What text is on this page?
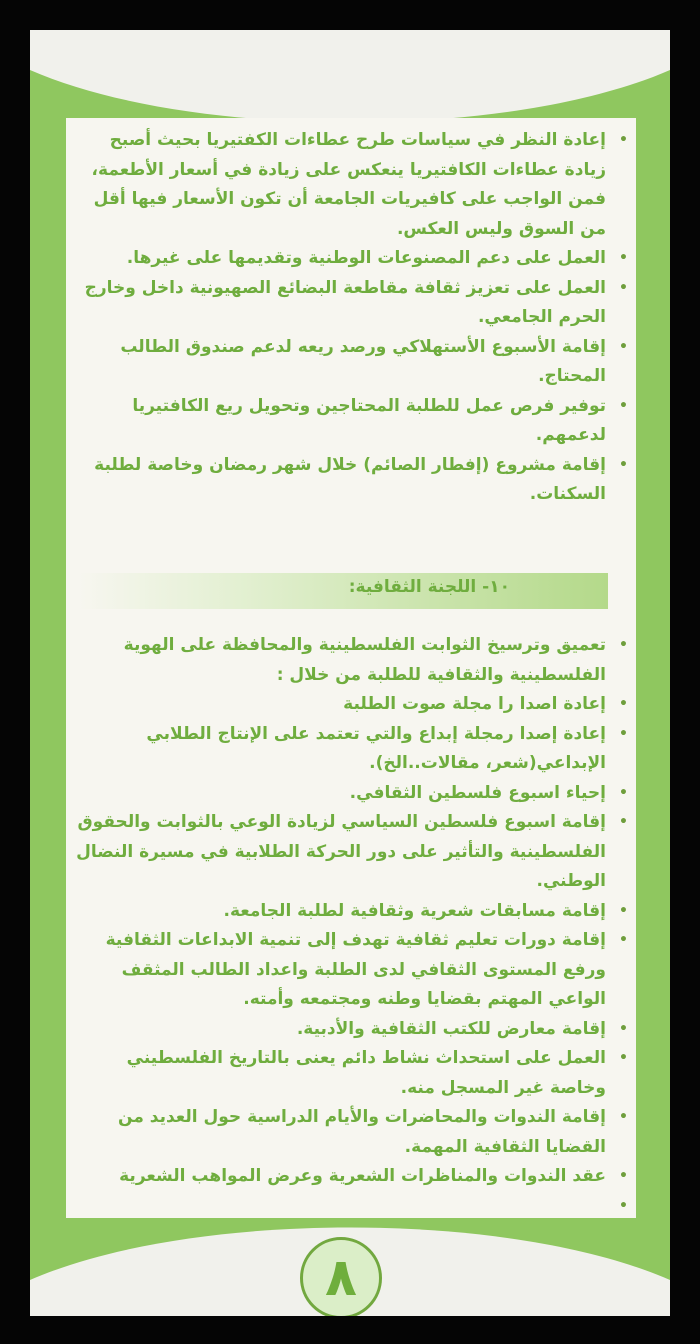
•
إعادة النظر في سياسات طرح عطاءات الكفتيريا بحيث أصبح زيادة عطاءات الكافتيريا ينعكس على زيادة في أسعار الأطعمة، فمن الواجب على كافيريات الجامعة أن تكون الأسعار فيها أقل من السوق وليس العكس.
•
العمل على دعم المصنوعات الوطنية وتقديمها على غيرها.
•
العمل على تعزيز ثقافة مقاطعة البضائع الصهيونية داخل وخارج الحرم الجامعي.
•
إقامة الأسبوع الأستهلاكي ورصد ريعه لدعم صندوق الطالب المحتاج.
•
توفير فرص عمل للطلبة المحتاجين وتحويل ريع الكافتيريا لدعمهم.
•
إقامة مشروع (إفطار الصائم) خلال شهر رمضان وخاصة لطلبة السكنات.
١٠- اللجنة الثقافية:
•
تعميق وترسيخ الثوابت الفلسطينية والمحافظة على الهوية الفلسطينية والثقافية للطلبة من خلال :
•
إعادة اصدا را مجلة صوت الطلبة
•
إعادة إصدا رمجلة إبداع والتي تعتمد على الإنتاج الطلابي الإبداعي(شعر، مقالات..الخ).
•
إحياء اسبوع فلسطين الثقافي.
•
إقامة اسبوع فلسطين السياسي لزيادة الوعي بالثوابت والحقوق الفلسطينية والتأثير على دور الحركة الطلابية في مسيرة النضال الوطني.
•
إقامة مسابقات شعرية وثقافية لطلبة الجامعة.
•
إقامة دورات تعليم ثقافية تهدف إلى تنمية الابداعات الثقافية ورفع المستوى الثقافي لدى الطلبة واعداد الطالب المثقف الواعي المهتم بقضايا وطنه ومجتمعه وأمته.
•
إقامة معارض للكتب الثقافية والأدبية.
•
العمل على استحداث نشاط دائم يعنى بالتاريخ الفلسطيني وخاصة غير المسجل منه.
•
إقامة الندوات والمحاضرات والأيام الدراسية حول العديد من القضايا الثقافية المهمة.
•
عقد الندوات والمناظرات الشعرية وعرض المواهب الشعرية
•
٨
